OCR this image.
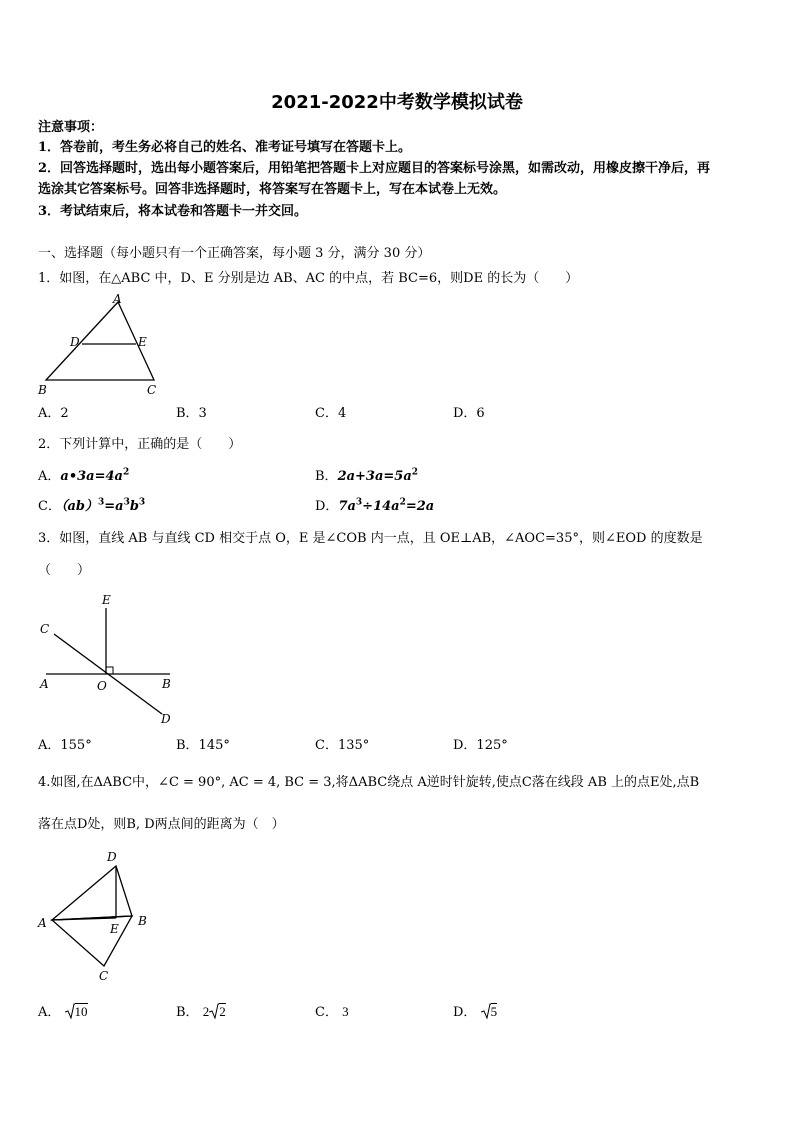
2021-2022中考数学模拟试卷
注意事项：
1．答卷前，考生务必将自己的姓名、准考证号填写在答题卡上。
2．回答选择题时，选出每小题答案后，用铅笔把答题卡上对应题目的答案标号涂黑，如需改动，用橡皮擦干净后，再
选涂其它答案标号。回答非选择题时，将答案写在答题卡上，写在本试卷上无效。
3．考试结束后，将本试卷和答题卡一并交回。
一、选择题（每小题只有一个正确答案，每小题 3 分，满分 30 分）
1．如图，在△ABC 中，D、E 分别是边 AB、AC 的中点，若 BC=6，则DE 的长为（　　）
A
D	E
B	C
A．2	B．3	C．4	D．6
2．下列计算中，正确的是（　　）
A．$a•3a=4a^2$	B．$2a+3a=5a^2$
C．$(ab)^3=a^3b^3$	D．$7a^3\div 14a^2=2a$
3．如图，直线 AB 与直线 CD 相交于点 O，E 是∠COB 内一点，且 OE⊥AB，∠AOC=35°，则∠EOD 的度数是
（　　）
E
C
A	O	B
D
A．155°	B．145°	C．135°	D．125°
4.如图,在ΔABC中，∠C = 90°, AC = 4, BC = 3,将ΔABC绕点 A逆时针旋转,使点C落在线段 AB 上的点E处,点B
落在点D处，则B, D两点间的距离为（　）
D
A	E
B
C
A． 10	B． 2 2	C． 3	D． 5
